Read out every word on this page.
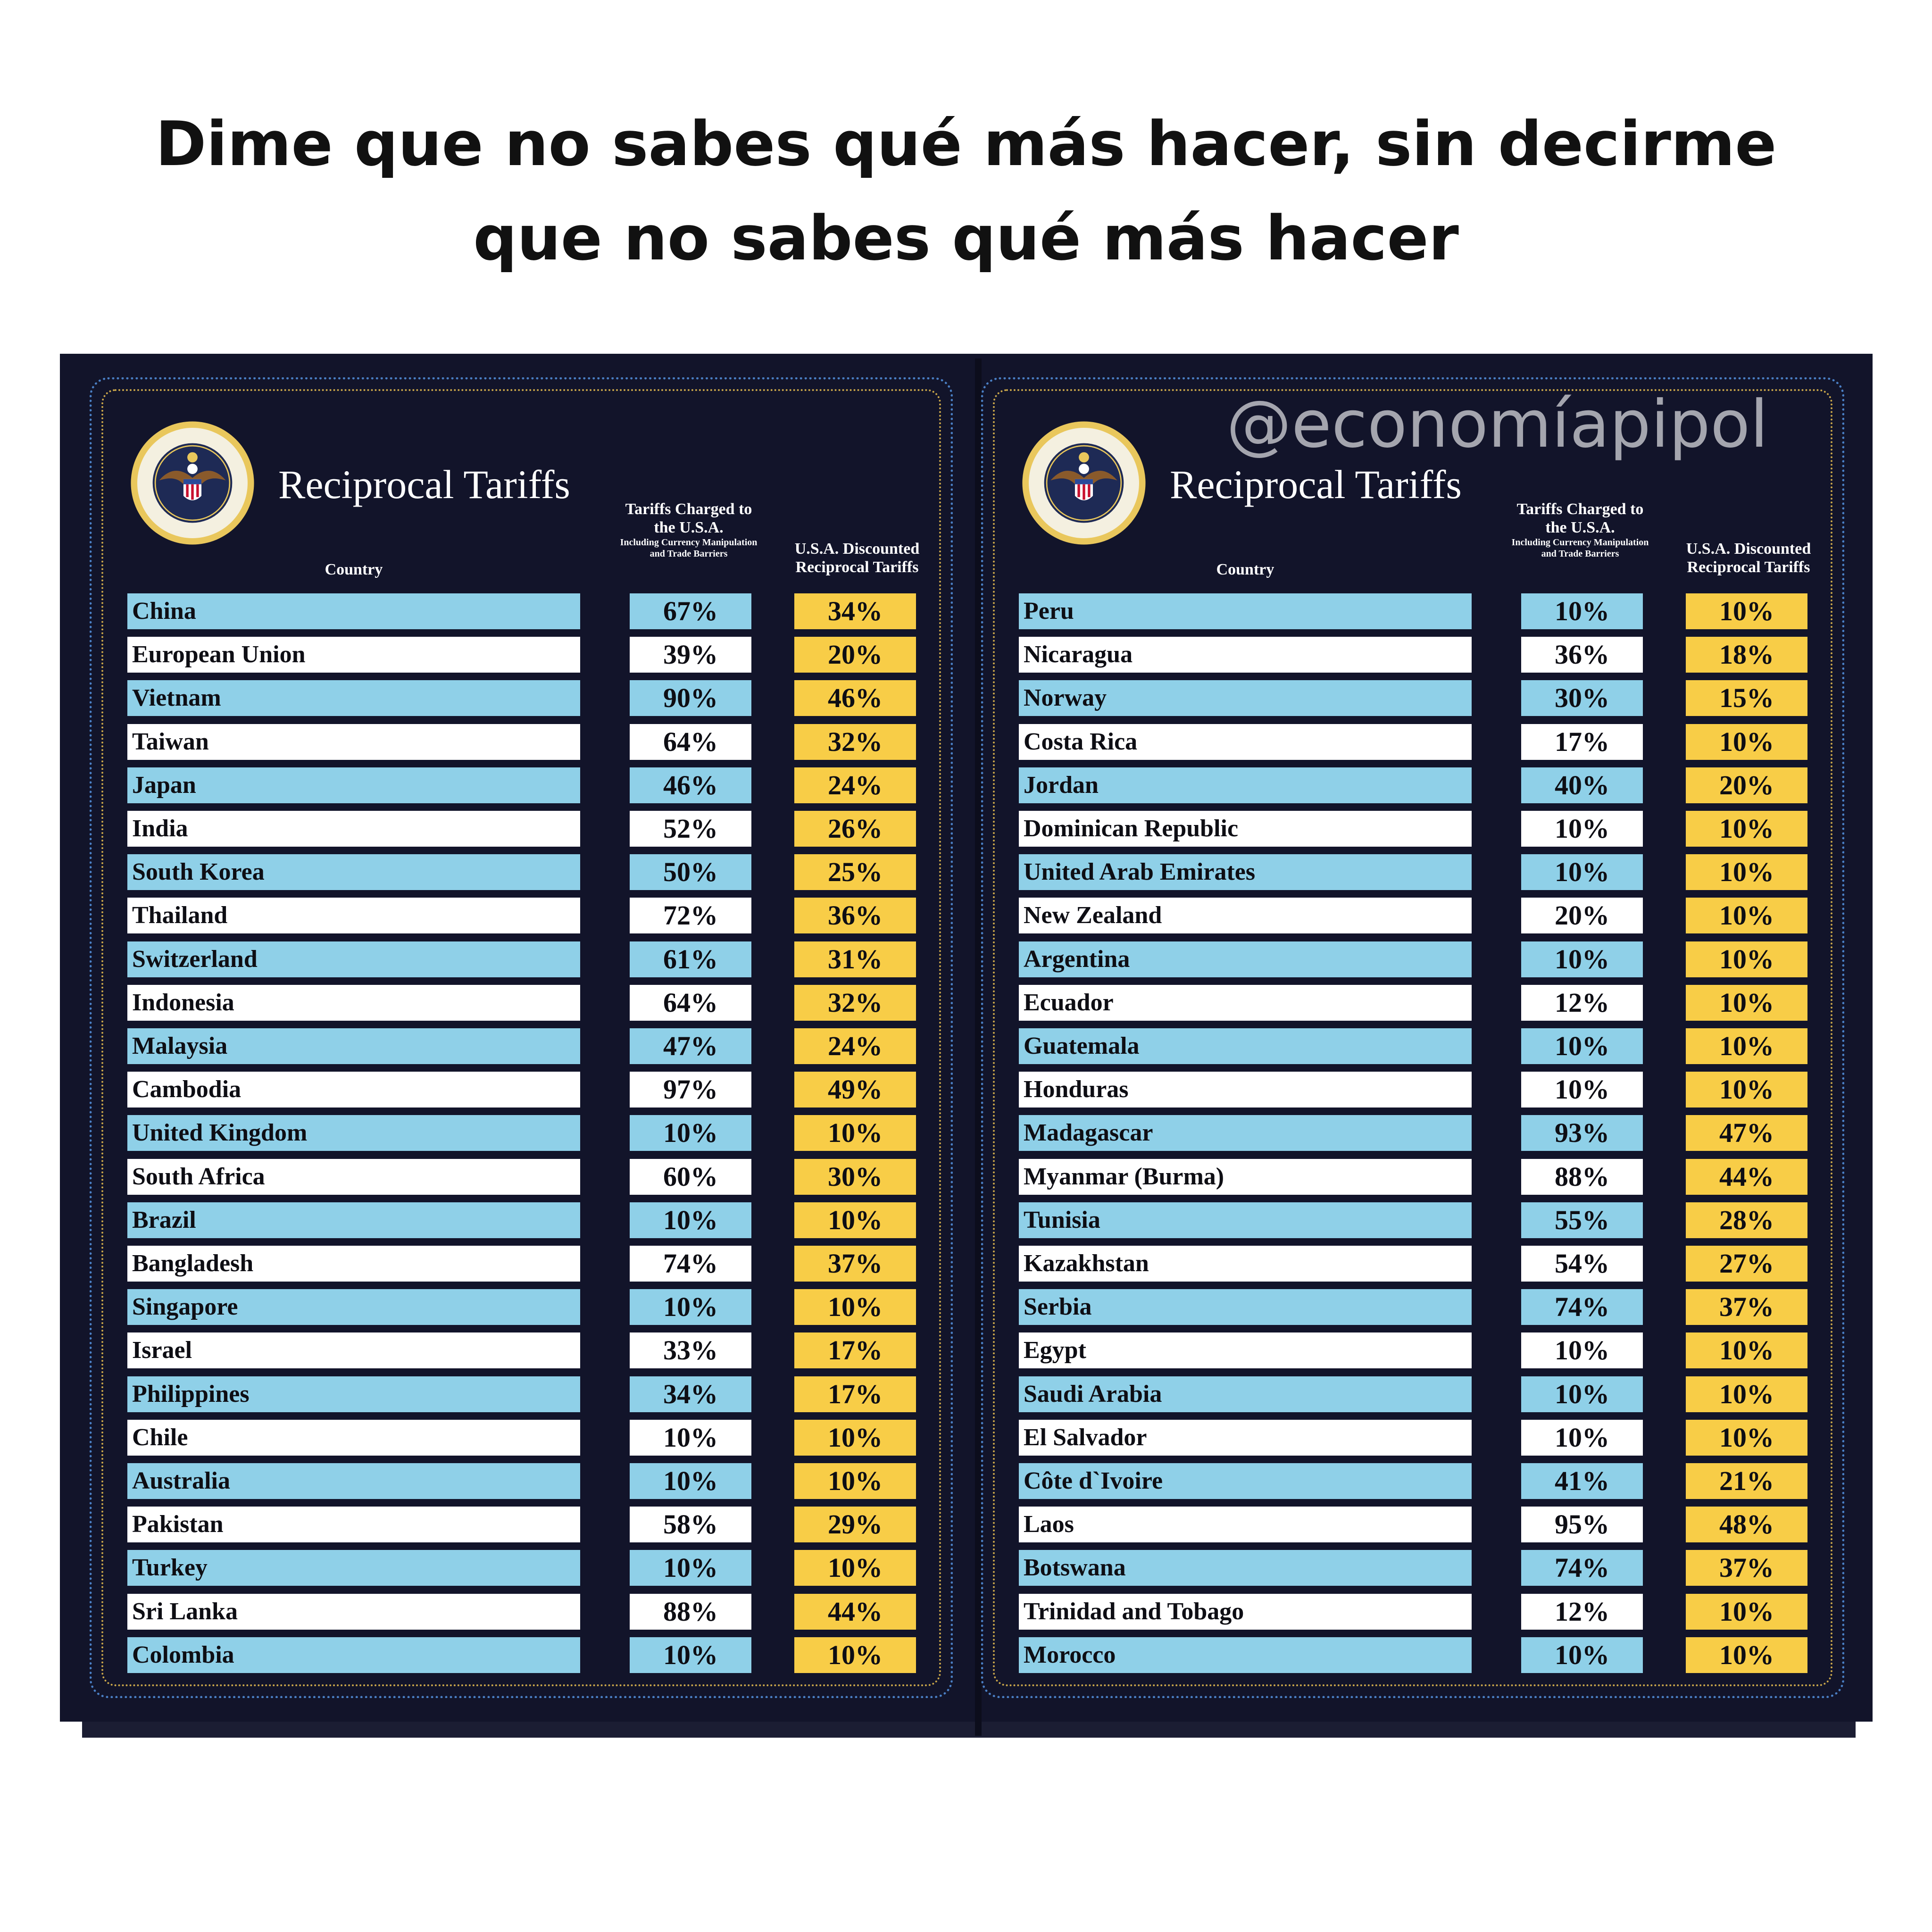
Dime que no sabes qué más hacer, sin decirme
que no sabes qué más hacer
Reciprocal Tariffs	Reciprocal Tariffs
@economíapipol
Country
Tariffs Charged to the U.S.A.
Including Currency Manipulation and Trade Barriers	U.S.A. Discounted Reciprocal Tariffs	Country
Tariffs Charged to the U.S.A.
Including Currency Manipulation and Trade Barriers	U.S.A. Discounted Reciprocal Tariffs
China	67%	34%
European Union	39%	20%
Vietnam	90%	46%
Taiwan	64%	32%
Japan	46%	24%
India	52%	26%
South Korea	50%	25%
Thailand	72%	36%
Switzerland	61%	31%
Indonesia	64%	32%
Malaysia	47%	24%
Cambodia	97%	49%
United Kingdom	10%	10%
South Africa	60%	30%
Brazil	10%	10%
Bangladesh	74%	37%
Singapore	10%	10%
Israel	33%	17%
Philippines	34%	17%
Chile	10%	10%
Australia	10%	10%
Pakistan	58%	29%
Turkey	10%	10%
Sri Lanka	88%	44%
Colombia	10%	10%
Peru	10%	10%
Nicaragua	36%	18%
Norway	30%	15%
Costa Rica	17%	10%
Jordan	40%	20%
Dominican Republic	10%	10%
United Arab Emirates	10%	10%
New Zealand	20%	10%
Argentina	10%	10%
Ecuador	12%	10%
Guatemala	10%	10%
Honduras	10%	10%
Madagascar	93%	47%
Myanmar (Burma)	88%	44%
Tunisia	55%	28%
Kazakhstan	54%	27%
Serbia	74%	37%
Egypt	10%	10%
Saudi Arabia	10%	10%
El Salvador	10%	10%
Côte d`Ivoire	41%	21%
Laos	95%	48%
Botswana	74%	37%
Trinidad and Tobago	12%	10%
Morocco	10%	10%
